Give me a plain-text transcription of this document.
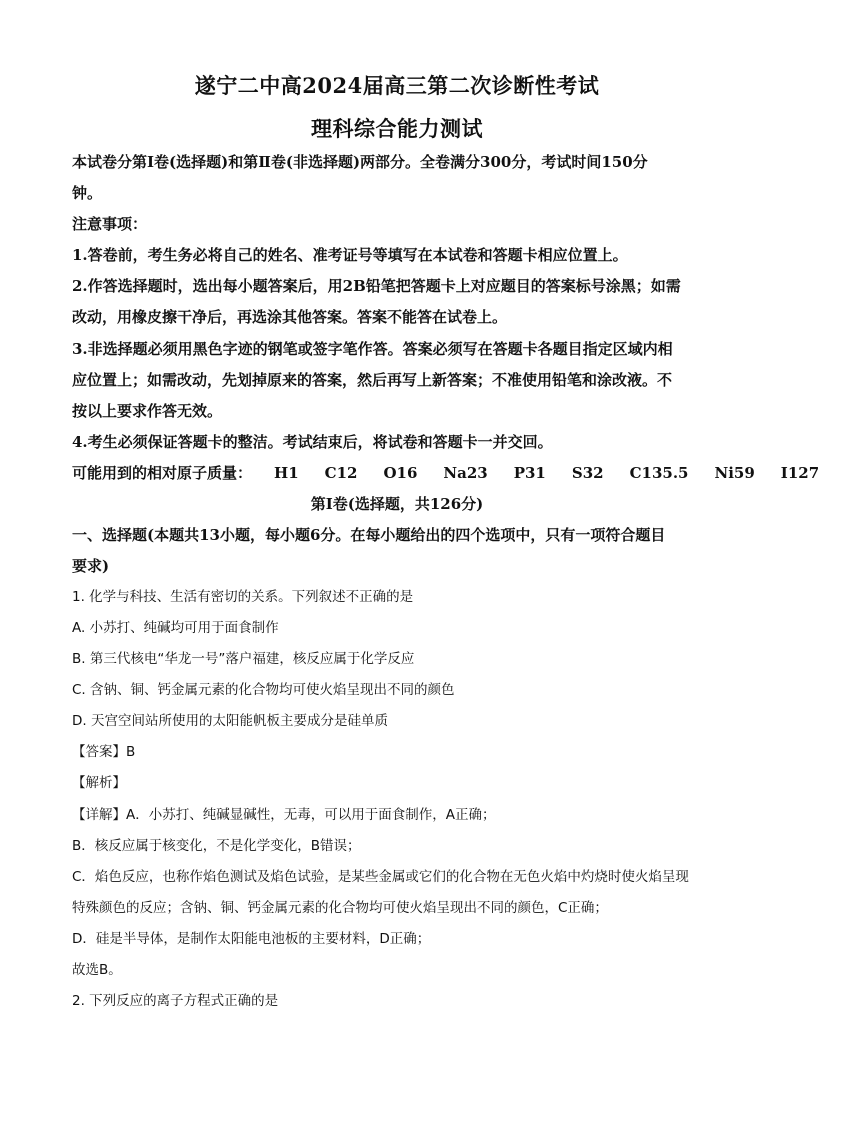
遂宁二中高2024届高三第二次诊断性考试
理科综合能力测试
本试卷分第Ⅰ卷(选择题)和第Ⅱ卷(非选择题)两部分。全卷满分300分，考试时间150分
钟。
注意事项：
1.答卷前，考生务必将自己的姓名、准考证号等填写在本试卷和答题卡相应位置上。
2.作答选择题时，选出每小题答案后，用2B铅笔把答题卡上对应题目的答案标号涂黑；如需
改动，用橡皮擦干净后，再选涂其他答案。答案不能答在试卷上。
3.非选择题必须用黑色字迹的钢笔或签字笔作答。答案必须写在答题卡各题目指定区域内相
应位置上；如需改动，先划掉原来的答案，然后再写上新答案；不准使用铅笔和涂改液。不
按以上要求作答无效。
4.考生必须保证答题卡的整洁。考试结束后，将试卷和答题卡一并交回。
可能用到的相对原子质量： H1 C12 O16 Na23 P31 S32 C135.5 Ni59 I127
第Ⅰ卷(选择题，共126分)
一、选择题(本题共13小题，每小题6分。在每小题给出的四个选项中，只有一项符合题目
要求)
1. 化学与科技、生活有密切的关系。下列叙述不正确的是
A. 小苏打、纯碱均可用于面食制作
B. 第三代核电“华龙一号”落户福建，核反应属于化学反应
C. 含钠、铜、钙金属元素的化合物均可使火焰呈现出不同的颜色
D. 天宫空间站所使用的太阳能帆板主要成分是硅单质
【答案】B
【解析】
【详解】A．小苏打、纯碱显碱性，无毒，可以用于面食制作，A正确；
B．核反应属于核变化，不是化学变化，B错误；
C．焰色反应，也称作焰色测试及焰色试验，是某些金属或它们的化合物在无色火焰中灼烧时使火焰呈现
特殊颜色的反应；含钠、铜、钙金属元素的化合物均可使火焰呈现出不同的颜色，C正确；
D．硅是半导体，是制作太阳能电池板的主要材料，D正确；
故选B。
2. 下列反应的离子方程式正确的是
